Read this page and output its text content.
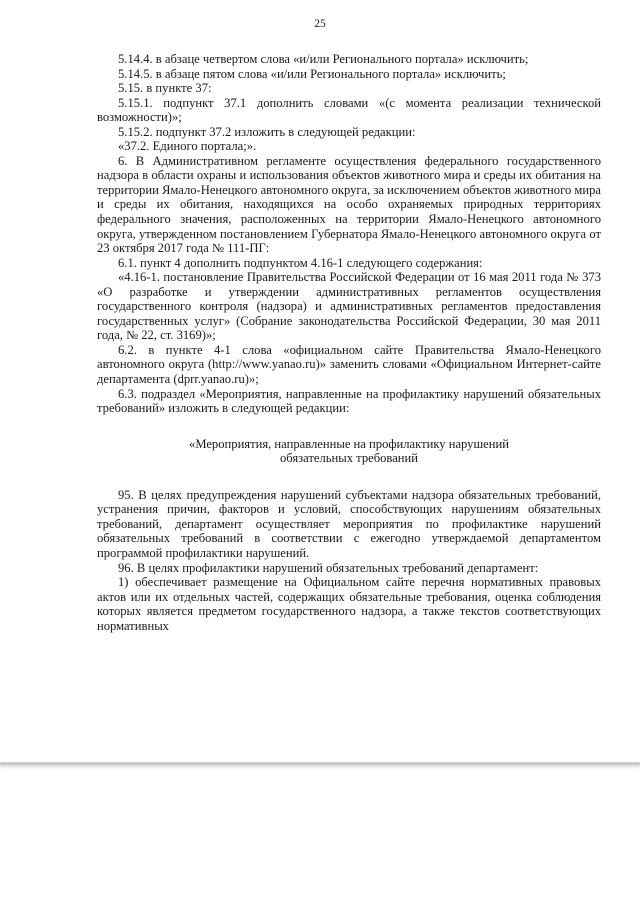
25

5.14.4. в абзаце четвертом слова «и/или Регионального портала» исключить;

5.14.5. в абзаце пятом слова «и/или Регионального портала» исключить;

5.15. в пункте 37:

5.15.1. подпункт 37.1 дополнить словами «(с момента реализации технической возможности)»;

5.15.2. подпункт 37.2 изложить в следующей редакции:

«37.2. Единого портала;».

6. В Административном регламенте осуществления федерального государственного надзора в области охраны и использования объектов животного мира и среды их обитания на территории Ямало-Ненецкого автономного округа, за исключением объектов животного мира и среды их обитания, находящихся на особо охраняемых природных территориях федерального значения, расположенных на территории Ямало-Ненецкого автономного округа, утвержденном постановлением Губернатора Ямало-Ненецкого автономного округа от 23 октября 2017 года № 111-ПГ:

6.1. пункт 4 дополнить подпунктом 4.16-1 следующего содержания:

«4.16-1. постановление Правительства Российской Федерации от 16 мая 2011 года № 373 «О разработке и утверждении административных регламентов осуществления государственного контроля (надзора) и административных регламентов предоставления государственных услуг» (Собрание законодательства Российской Федерации, 30 мая 2011 года, № 22, ст. 3169)»;

6.2. в пункте 4-1 слова «официальном сайте Правительства Ямало-Ненецкого автономного округа (http://www.yanao.ru)» заменить словами «Официальном Интернет-сайте департамента (dprr.yanao.ru)»;

6.3. подраздел «Мероприятия, направленные на профилактику нарушений обязательных требований» изложить в следующей редакции:

«Мероприятия, направленные на профилактику нарушений
обязательных требований

95. В целях предупреждения нарушений субъектами надзора обязательных требований, устранения причин, факторов и условий, способствующих нарушениям обязательных требований, департамент осуществляет мероприятия по профилактике нарушений обязательных требований в соответствии с ежегодно утверждаемой департаментом программой профилактики нарушений.

96. В целях профилактики нарушений обязательных требований департамент:

1) обеспечивает размещение на Официальном сайте перечня нормативных правовых актов или их отдельных частей, содержащих обязательные требования, оценка соблюдения которых является предметом государственного надзора, а также текстов соответствующих нормативных
